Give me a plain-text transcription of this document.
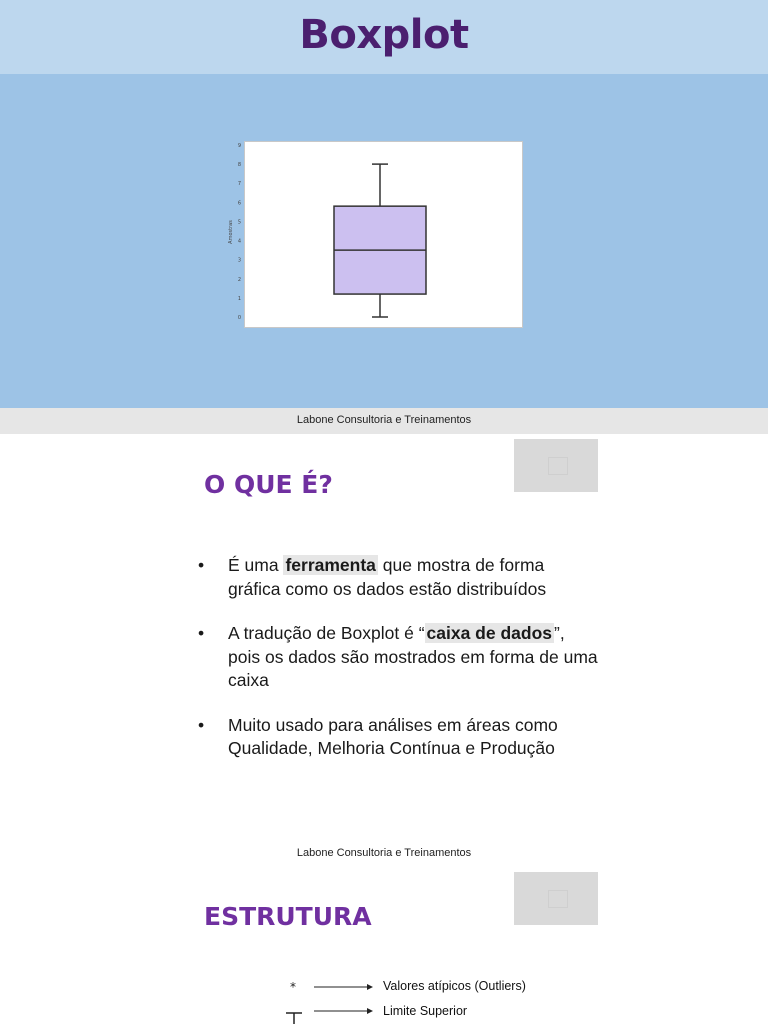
Boxplot
0
1
2
3
4
5
6
7
8
9
Amostras
Labone Consultoria e Treinamentos
O QUE É?
• É uma ferramenta que mostra de forma gráfica como os dados estão distribuídos
• A tradução de Boxplot é “ caixa de dados ”, pois os dados são mostrados em forma de uma caixa
• Muito usado para análises em áreas como Qualidade, Melhoria Contínua e Produção
Labone Consultoria e Treinamentos
ESTRUTURA
*	Valores atípicos (Outliers)
Limite Superior
